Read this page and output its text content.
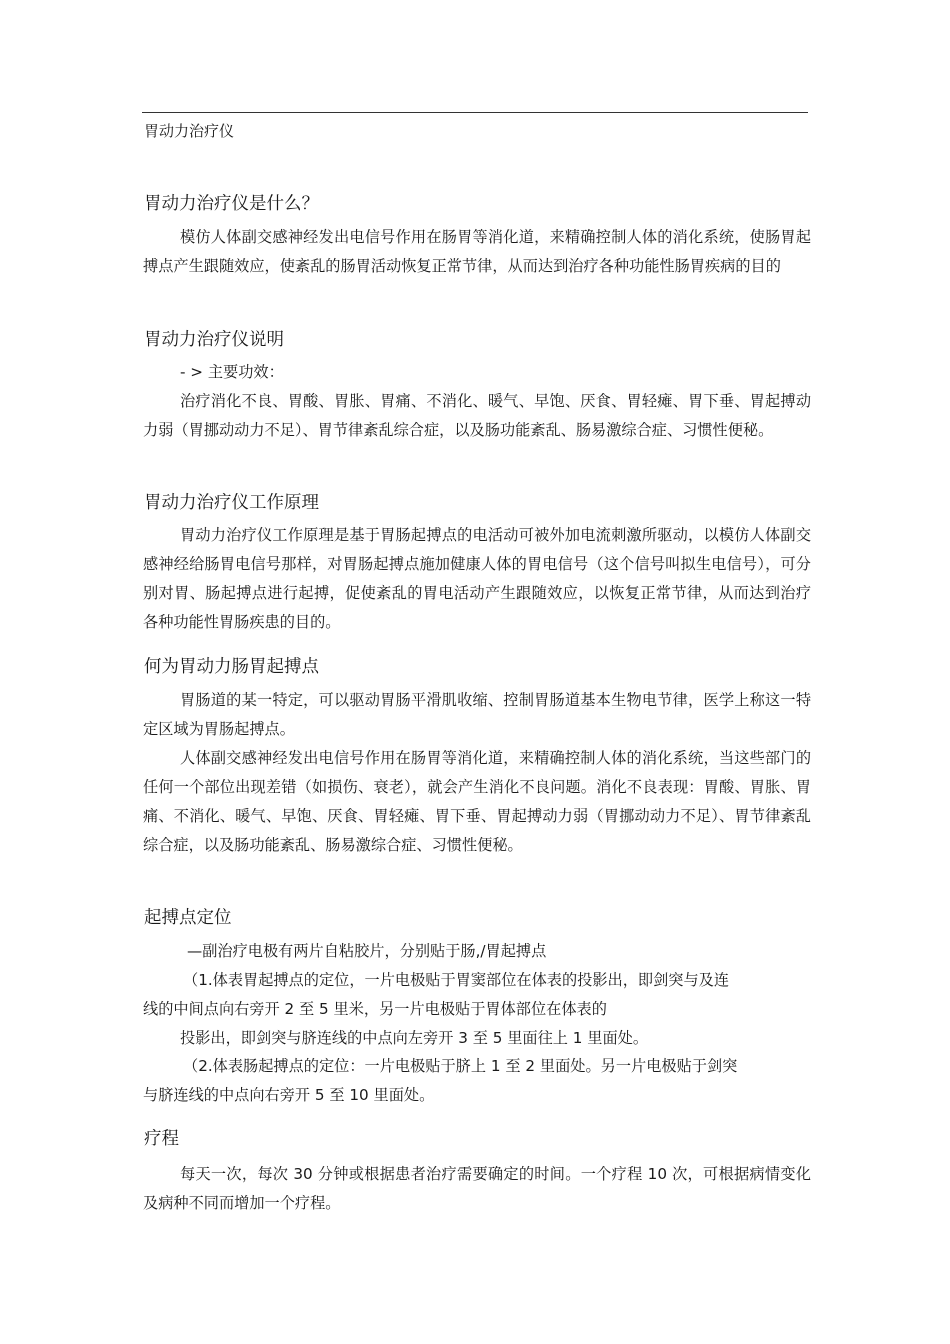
胃动力治疗仪
胃动力治疗仪是什么？

模仿人体副交感神经发出电信号作用在肠胃等消化道，来精确控制人体的消化系统，使肠胃起搏点产生跟随效应，使紊乱的肠胃活动恢复正常节律，从而达到治疗各种功能性肠胃疾病的目的

胃动力治疗仪说明

- > 主要功效：

治疗消化不良、胃酸、胃胀、胃痛、不消化、暖气、早饱、厌食、胃轻瘫、胃下垂、胃起搏动力弱（胃挪动动力不足）、胃节律紊乱综合症，以及肠功能紊乱、肠易激综合症、习惯性便秘。

胃动力治疗仪工作原理

胃动力治疗仪工作原理是基于胃肠起搏点的电活动可被外加电流刺激所驱动，以模仿人体副交感神经给肠胃电信号那样，对胃肠起搏点施加健康人体的胃电信号（这个信号叫拟生电信号），可分别对胃、肠起搏点进行起搏，促使紊乱的胃电活动产生跟随效应，以恢复正常节律，从而达到治疗各种功能性胃肠疾患的目的。

何为胃动力肠胃起搏点

胃肠道的某一特定，可以驱动胃肠平滑肌收缩、控制胃肠道基本生物电节律，医学上称这一特定区域为胃肠起搏点。

人体副交感神经发出电信号作用在肠胃等消化道，来精确控制人体的消化系统，当这些部门的任何一个部位出现差错（如损伤、衰老），就会产生消化不良问题。消化不良表现：胃酸、胃胀、胃痛、不消化、暖气、早饱、厌食、胃轻瘫、胃下垂、胃起搏动力弱（胃挪动动力不足）、胃节律紊乱综合症，以及肠功能紊乱、肠易激综合症、习惯性便秘。

起搏点定位

—副治疗电极有两片自粘胶片，分别贴于肠,/胃起搏点

（1.体表胃起搏点的定位，一片电极贴于胃窦部位在体表的投影出，即剑突与及连

线的中间点向右旁开 2 至 5 里米，另一片电极贴于胃体部位在体表的

投影出，即剑突与脐连线的中点向左旁开 3 至 5 里面往上 1 里面处。

（2.体表肠起搏点的定位：一片电极贴于脐上 1 至 2 里面处。另一片电极贴于剑突

与脐连线的中点向右旁开 5 至 10 里面处。

疗程

每天一次，每次 30 分钟或根据患者治疗需要确定的时间。一个疗程 10 次，可根据病情变化及病种不同而增加一个疗程。
